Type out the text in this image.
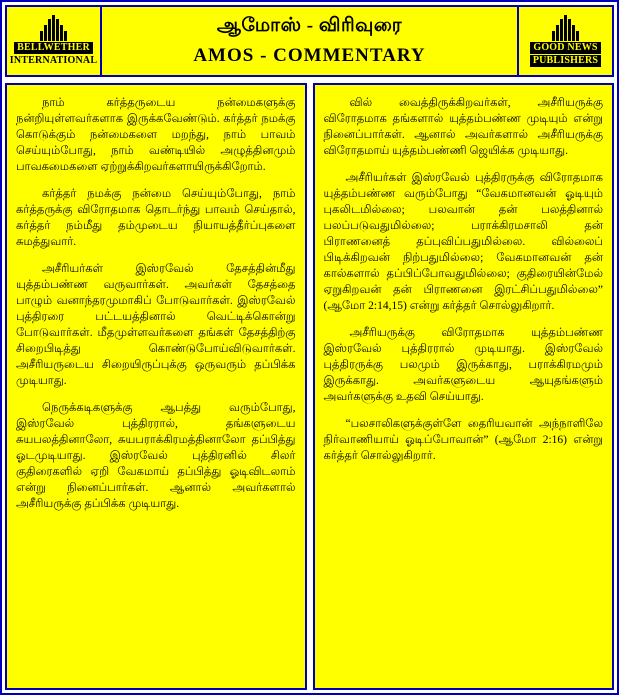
BELLWETHER
INTERNATIONAL
ஆமோஸ் - விரிவுரை
AMOS - COMMENTARY	GOOD NEWS
PUBLISHERS

நாம் கர்த்தருடைய நன்மைகளுக்கு நன்றியுள்ளவர்களாக இருக்கவேண்டும். கர்த்தர் நமக்கு கொடுக்கும் நன்மைகளை மறந்து, நாம் பாவம் செய்யும்போது, நாம் வண்டியில் அழுத்தினமும் பாவகமைகளை ஏற்றுக்கிறவர்களாயிருக்கிறோம்.

கர்த்தர் நமக்கு நன்மை செய்யும்போது, நாம் கர்த்தருக்கு விரோதமாக தொடர்ந்து பாவம் செய்தால், கர்த்தர் நம்மீது தம்முடைய நியாயத்தீர்ப்புகளை சுமத்துவார்.

அசீரியர்கள் இஸ்ரவேல் தேசத்தின்மீது யுத்தம்பண்ண வருவார்கள். அவர்கள் தேசத்தை பாழும் வனாந்தரமுமாகிப் போடுவார்கள். இஸ்ரவேல் புத்திரரை பட்டயத்தினால் வெட்டிக்கொன்று போடுவார்கள். மீதமுள்ளவர்களை தங்கள் தேசத்திற்கு சிறைபிடித்து கொண்டுபோய்விடுவார்கள். அசீரியருடைய சிறையிருப்புக்கு ஒருவரும் தப்பிக்க முடியாது.

நெருக்கடிகளுக்கு ஆபத்து வரும்போது, இஸ்ரவேல் புத்திரரால், தங்களுடைய சுயபலத்தினாலோ, சுயபராக்கிரமத்தினாலோ தப்பித்து ஓடமுடியாது. இஸ்ரவேல் புத்திரனில் சிலர் குதிரைகளில் ஏறி வேகமாய் தப்பித்து ஓடிவிடலாம் என்று நினைப்பார்கள். ஆனால் அவர்களால் அசீரியருக்கு தப்பிக்க முடியாது.

வில் வைத்திருக்கிறவர்கள், அசீரியருக்கு விரோதமாக தங்களால் யுத்தம்பண்ண முடியும் என்று நினைப்பார்கள். ஆனால் அவர்களால் அசீரியருக்கு விரோதமாய் யுத்தம்பண்ணி ஜெயிக்க முடியாது.

அசீரியர்கள் இஸ்ரவேல் புத்திரருக்கு விரோதமாக யுத்தம்பண்ண வரும்போது “வேகமானவன் ஓடியும் புகலிடமில்லை; பலவான் தன் பலத்தினால் பலப்படுவதுமில்லை; பராக்கிரமசாலி தன் பிராணனைத் தப்புவிப்பதுமில்லை. வில்லைப் பிடிக்கிறவன் நிற்பதுமில்லை; வேகமானவன் தன் கால்களால் தப்பிப்போவதுமில்லை; குதிரையின்மேல் ஏறுகிறவன் தன் பிராணனை இரட்சிப்பதுமில்லை” (ஆமோ 2:14,15) என்று கர்த்தர் சொல்லுகிறார்.

அசீரியருக்கு விரோதமாக யுத்தம்பண்ண இஸ்ரவேல் புத்திரரால் முடியாது. இஸ்ரவேல் புத்திரருக்கு பலமும் இருக்காது, பராக்கிரமமும் இருக்காது. அவர்களுடைய ஆயுதங்களும் அவர்களுக்கு உதவி செய்யாது.

“பலசாலிகளுக்குள்ளே தைரியவான் அந்நாளிலே நிர்வாணியாய் ஓடிப்போவான்” (ஆமோ 2:16) என்று கர்த்தர் சொல்லுகிறார்.
